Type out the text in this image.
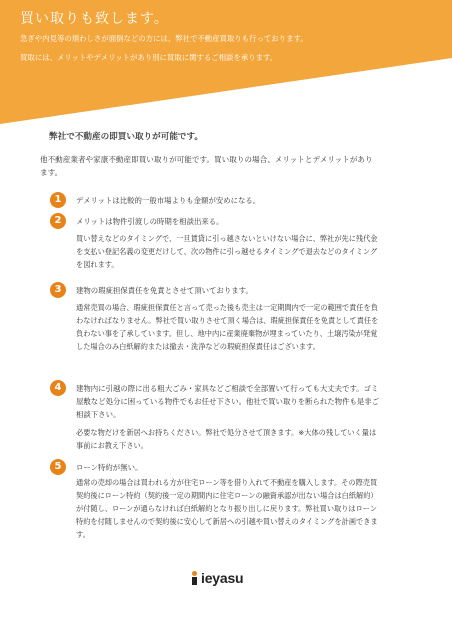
買い取りも致します。
急ぎや内見等の煩わしさが面倒などの方には、弊社で不動産買取りも行っております。
買取には、メリットやデメリットがあり別に買取に関するご相談を承ります。
弊社で不動産の即買い取りが可能です。
他不動産業者や家康不動産即買い取りが可能です。買い取りの場合、メリットとデメリットがあります。
1	デメリットは比較的一般市場よりも金額が安めになる。
2	メリットは物件引渡しの時期を相談出来る。

買い替えなどのタイミングで、一旦賃貸に引っ越さないといけない場合に、弊社が先に残代金を支払い登記名義の変更だけして、次の物件に引っ越せるタイミングで退去などのタイミングを図れます。

3	建物の瑕疵担保責任を免責とさせて頂いております。

通常売買の場合、瑕疵担保責任と言って売った後も売主は一定期間内で一定の範囲で責任を負わなければなりません。弊社で買い取りさせて頂く場合は、瑕疵担保責任を免責として責任を負わない事を了承しています。但し、地中内に産業廃棄物が埋まっていたり、土壌汚染が発覚した場合のみ白紙解約または撤去・洗浄などの瑕疵担保責任はございます。

4	建物内に引越の際に出る粗大ごみ・家具などご相談で全部置いて行っても大丈夫です。ゴミ屋敷など処分に困っている物件でもお任せ下さい。他社で買い取りを断られた物件も是非ご相談下さい。

必要な物だけを新居へお持ちください。弊社で処分させて頂きます。※大体の残していく量は事前にお教え下さい。

5	ローン特約が無い。

通常の売却の場合は買われる方が住宅ローン等を借り入れて不動産を購入します。その際売買契約後にローン特約（契約後一定の期間内に住宅ローンの融資承認が出ない場合は白紙解約）が付随し、ローンが通らなければ白紙解約となり振り出しに戻ります。弊社買い取りはローン特約を付随しませんので契約後に安心して新居への引越や買い替えのタイミングを計画できます。

ieyasu
